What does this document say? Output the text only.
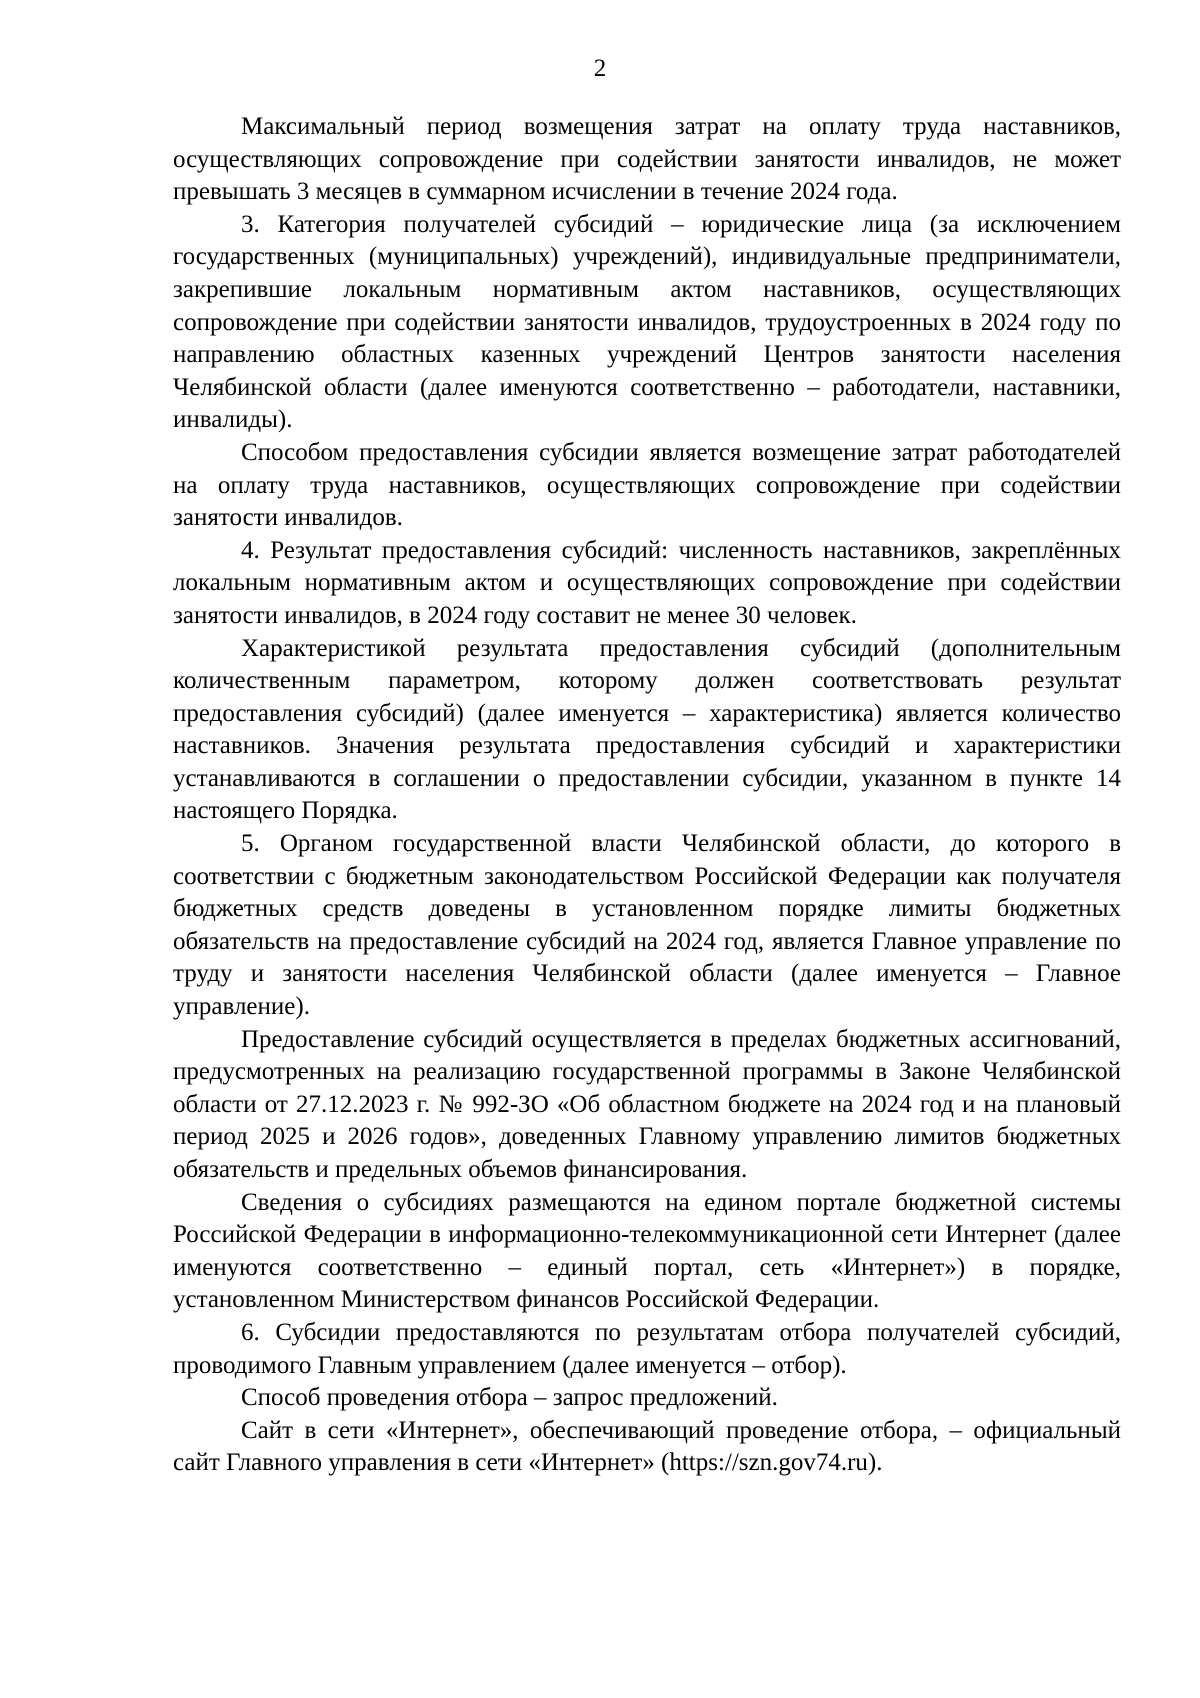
2

Максимальный период возмещения затрат на оплату труда наставников, осуществляющих сопровождение при содействии занятости инвалидов, не может превышать 3 месяцев в суммарном исчислении в течение 2024 года.

3. Категория получателей субсидий – юридические лица (за исключением государственных (муниципальных) учреждений), индивидуальные предприниматели, закрепившие локальным нормативным актом наставников, осуществляющих сопровождение при содействии занятости инвалидов, трудоустроенных в 2024 году по направлению областных казенных учреждений Центров занятости населения Челябинской области (далее именуются соответственно – работодатели, наставники, инвалиды).

Способом предоставления субсидии является возмещение затрат работодателей на оплату труда наставников, осуществляющих сопровождение при содействии занятости инвалидов.

4. Результат предоставления субсидий: численность наставников, закреплённых локальным нормативным актом и осуществляющих сопровождение при содействии занятости инвалидов, в 2024 году составит не менее 30 человек.

Характеристикой результата предоставления субсидий (дополнительным количественным параметром, которому должен соответствовать результат предоставления субсидий) (далее именуется – характеристика) является количество наставников. Значения результата предоставления субсидий и характеристики устанавливаются в соглашении о предоставлении субсидии, указанном в пункте 14 настоящего Порядка.

5. Органом государственной власти Челябинской области, до которого в соответствии с бюджетным законодательством Российской Федерации как получателя бюджетных средств доведены в установленном порядке лимиты бюджетных обязательств на предоставление субсидий на 2024 год, является Главное управление по труду и занятости населения Челябинской области (далее именуется – Главное управление).

Предоставление субсидий осуществляется в пределах бюджетных ассигнований, предусмотренных на реализацию государственной программы в Законе Челябинской области от 27.12.2023 г. № 992-ЗО «Об областном бюджете на 2024 год и на плановый период 2025 и 2026 годов», доведенных Главному управлению лимитов бюджетных обязательств и предельных объемов финансирования.

Сведения о субсидиях размещаются на едином портале бюджетной системы Российской Федерации в информационно-телекоммуникационной сети Интернет (далее именуются соответственно – единый портал, сеть «Интернет») в порядке, установленном Министерством финансов Российской Федерации.

6. Субсидии предоставляются по результатам отбора получателей субсидий, проводимого Главным управлением (далее именуется – отбор).

Способ проведения отбора – запрос предложений.

Сайт в сети «Интернет», обеспечивающий проведение отбора, – официальный сайт Главного управления в сети «Интернет» (https://szn.gov74.ru).
